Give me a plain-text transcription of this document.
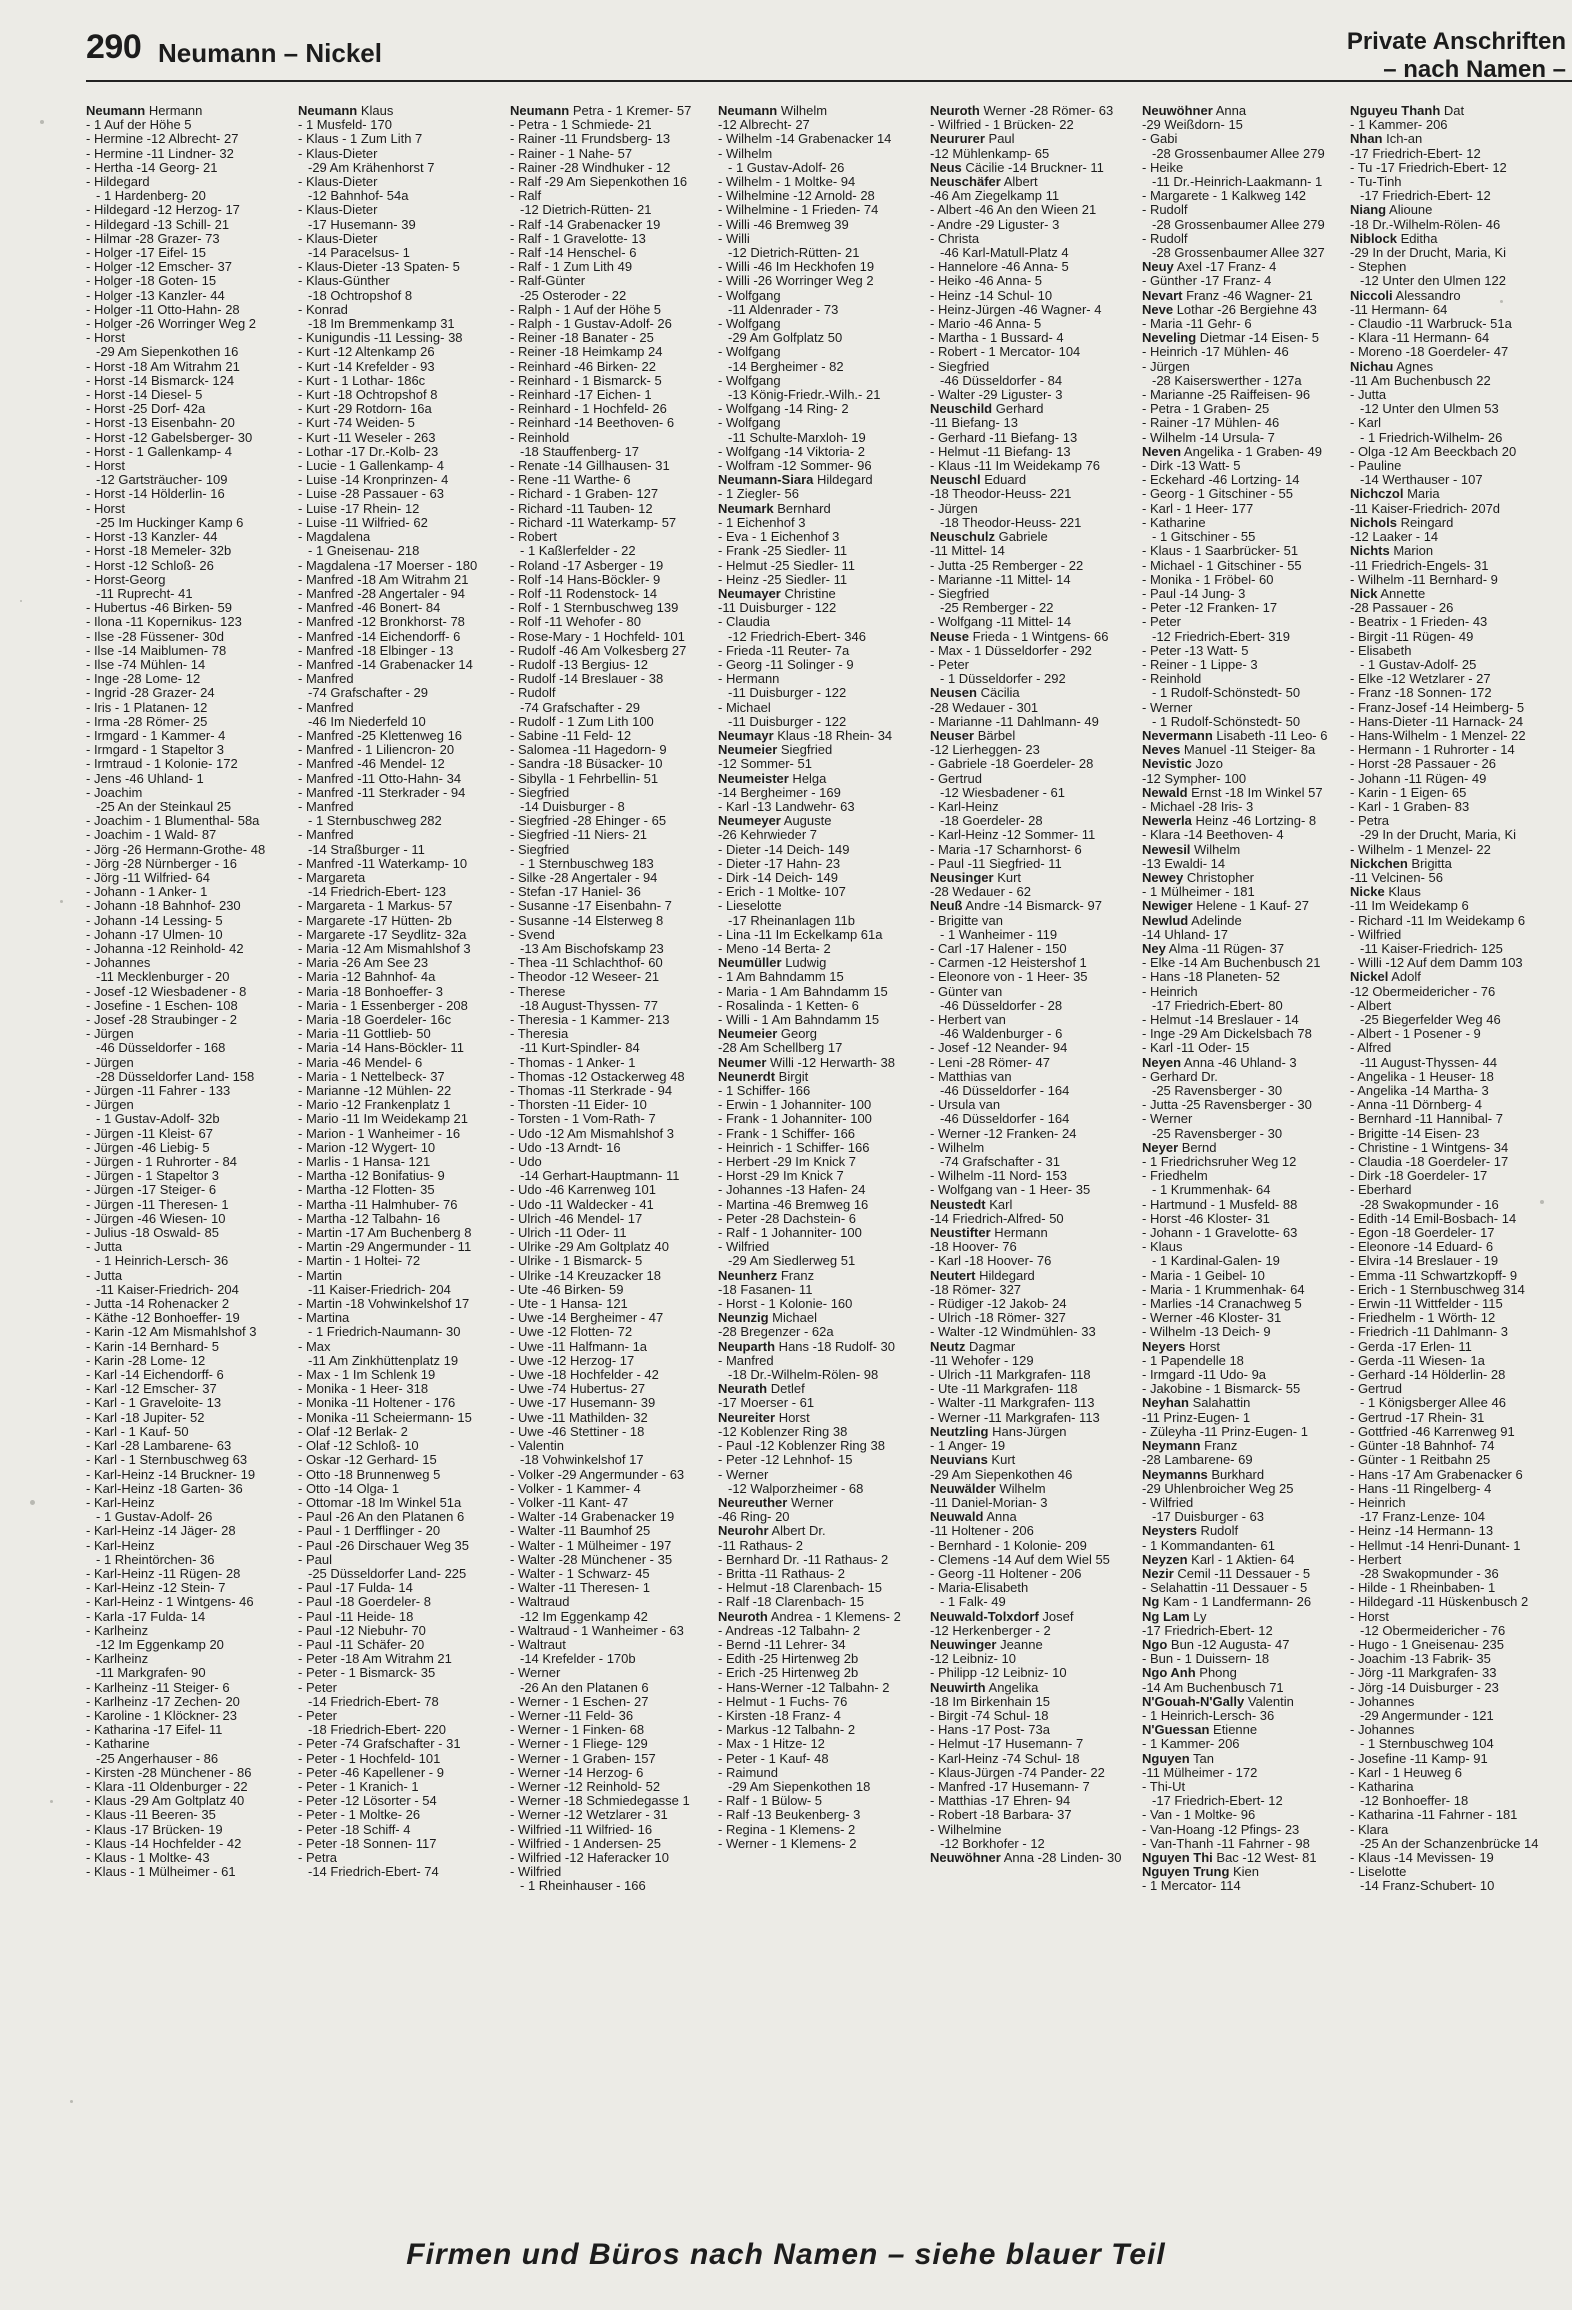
290 Neumann – Nickel	Private Anschriften
– nach Namen –
Neumann Hermann
- 1 Auf der Höhe 5
- Hermine -12 Albrecht- 27
- Hermine -11 Lindner- 32
- Hertha -14 Georg- 21
- Hildegard
- 1 Hardenberg- 20
- Hildegard -12 Herzog- 17
- Hildegard -13 Schill- 21
- Hilmar -28 Grazer- 73
- Holger -17 Eifel- 15
- Holger -12 Emscher- 37
- Holger -18 Goten- 15
- Holger -13 Kanzler- 44
- Holger -11 Otto-Hahn- 28
- Holger -26 Worringer Weg 2
- Horst
-29 Am Siepenkothen 16
- Horst -18 Am Witrahm 21
- Horst -14 Bismarck- 124
- Horst -14 Diesel- 5
- Horst -25 Dorf- 42a
- Horst -13 Eisenbahn- 20
- Horst -12 Gabelsberger- 30
- Horst - 1 Gallenkamp- 4
- Horst
-12 Gartsträucher- 109
- Horst -14 Hölderlin- 16
- Horst
-25 Im Huckinger Kamp 6
- Horst -13 Kanzler- 44
- Horst -18 Memeler- 32b
- Horst -12 Schloß- 26
- Horst-Georg
-11 Ruprecht- 41
- Hubertus -46 Birken- 59
- Ilona -11 Kopernikus- 123
- Ilse -28 Füssener- 30d
- Ilse -14 Maiblumen- 78
- Ilse -74 Mühlen- 14
- Inge -28 Lome- 12
- Ingrid -28 Grazer- 24
- Iris - 1 Platanen- 12
- Irma -28 Römer- 25
- Irmgard - 1 Kammer- 4
- Irmgard - 1 Stapeltor 3
- Irmtraud - 1 Kolonie- 172
- Jens -46 Uhland- 1
- Joachim
-25 An der Steinkaul 25
- Joachim - 1 Blumenthal- 58a
- Joachim - 1 Wald- 87
- Jörg -26 Hermann-Grothe- 48
- Jörg -28 Nürnberger - 16
- Jörg -11 Wilfried- 64
- Johann - 1 Anker- 1
- Johann -18 Bahnhof- 230
- Johann -14 Lessing- 5
- Johann -17 Ulmen- 10
- Johanna -12 Reinhold- 42
- Johannes
-11 Mecklenburger - 20
- Josef -12 Wiesbadener - 8
- Josefine - 1 Eschen- 108
- Josef -28 Straubinger - 2
- Jürgen
-46 Düsseldorfer - 168
- Jürgen
-28 Düsseldorfer Land- 158
- Jürgen -11 Fahrer - 133
- Jürgen
- 1 Gustav-Adolf- 32b
- Jürgen -11 Kleist- 67
- Jürgen -46 Liebig- 5
- Jürgen - 1 Ruhrorter - 84
- Jürgen - 1 Stapeltor 3
- Jürgen -17 Steiger- 6
- Jürgen -11 Theresen- 1
- Jürgen -46 Wiesen- 10
- Julius -18 Oswald- 85
- Jutta
- 1 Heinrich-Lersch- 36
- Jutta
-11 Kaiser-Friedrich- 204
- Jutta -14 Rohenacker 2
- Käthe -12 Bonhoeffer- 19
- Karin -12 Am Mismahlshof 3
- Karin -14 Bernhard- 5
- Karin -28 Lome- 12
- Karl -14 Eichendorff- 6
- Karl -12 Emscher- 37
- Karl - 1 Graveloite- 13
- Karl -18 Jupiter- 52
- Karl - 1 Kauf- 50
- Karl -28 Lambarene- 63
- Karl - 1 Sternbuschweg 63
- Karl-Heinz -14 Bruckner- 19
- Karl-Heinz -18 Garten- 36
- Karl-Heinz
- 1 Gustav-Adolf- 26
- Karl-Heinz -14 Jäger- 28
- Karl-Heinz
- 1 Rheintörchen- 36
- Karl-Heinz -11 Rügen- 28
- Karl-Heinz -12 Stein- 7
- Karl-Heinz - 1 Wintgens- 46
- Karla -17 Fulda- 14
- Karlheinz
-12 Im Eggenkamp 20
- Karlheinz
-11 Markgrafen- 90
- Karlheinz -11 Steiger- 6
- Karlheinz -17 Zechen- 20
- Karoline - 1 Klöckner- 23
- Katharina -17 Eifel- 11
- Katharine
-25 Angerhauser - 86
- Kirsten -28 Münchener - 86
- Klara -11 Oldenburger - 22
- Klaus -29 Am Goltplatz 40
- Klaus -11 Beeren- 35
- Klaus -17 Brücken- 19
- Klaus -14 Hochfelder - 42
- Klaus - 1 Moltke- 43
- Klaus - 1 Mülheimer - 61
Neumann Klaus
- 1 Musfeld- 170
- Klaus - 1 Zum Lith 7
- Klaus-Dieter
-29 Am Krähenhorst 7
- Klaus-Dieter
-12 Bahnhof- 54a
- Klaus-Dieter
-17 Husemann- 39
- Klaus-Dieter
-14 Paracelsus- 1
- Klaus-Dieter -13 Spaten- 5
- Klaus-Günther
-18 Ochtropshof 8
- Konrad
-18 Im Bremmenkamp 31
- Kunigundis -11 Lessing- 38
- Kurt -12 Altenkamp 26
- Kurt -14 Krefelder - 93
- Kurt - 1 Lothar- 186c
- Kurt -18 Ochtropshof 8
- Kurt -29 Rotdorn- 16a
- Kurt -74 Weiden- 5
- Kurt -11 Weseler - 263
- Lothar -17 Dr.-Kolb- 23
- Lucie - 1 Gallenkamp- 4
- Luise -14 Kronprinzen- 4
- Luise -28 Passauer - 63
- Luise -17 Rhein- 12
- Luise -11 Wilfried- 62
- Magdalena
- 1 Gneisenau- 218
- Magdalena -17 Moerser - 180
- Manfred -18 Am Witrahm 21
- Manfred -28 Angertaler - 94
- Manfred -46 Bonert- 84
- Manfred -12 Bronkhorst- 78
- Manfred -14 Eichendorff- 6
- Manfred -18 Elbinger - 13
- Manfred -14 Grabenacker 14
- Manfred
-74 Grafschafter - 29
- Manfred
-46 Im Niederfeld 10
- Manfred -25 Klettenweg 16
- Manfred - 1 Liliencron- 20
- Manfred -46 Mendel- 12
- Manfred -11 Otto-Hahn- 34
- Manfred -11 Sterkrader - 94
- Manfred
- 1 Sternbuschweg 282
- Manfred
-14 Straßburger - 11
- Manfred -11 Waterkamp- 10
- Margareta
-14 Friedrich-Ebert- 123
- Margareta - 1 Markus- 57
- Margarete -17 Hütten- 2b
- Margarete -17 Seydlitz- 32a
- Maria -12 Am Mismahlshof 3
- Maria -26 Am See 23
- Maria -12 Bahnhof- 4a
- Maria -18 Bonhoeffer- 3
- Maria - 1 Essenberger - 208
- Maria -18 Goerdeler- 16c
- Maria -11 Gottlieb- 50
- Maria -14 Hans-Böckler- 11
- Maria -46 Mendel- 6
- Maria - 1 Nettelbeck- 37
- Marianne -12 Mühlen- 22
- Mario -12 Frankenplatz 1
- Mario -11 Im Weidekamp 21
- Marion - 1 Wanheimer - 16
- Marion -12 Wygert- 10
- Marlis - 1 Hansa- 121
- Martha -12 Bonifatius- 9
- Martha -12 Flotten- 35
- Martha -11 Halmhuber- 76
- Martha -12 Talbahn- 16
- Martin -17 Am Buchenberg 8
- Martin -29 Angermunder - 11
- Martin - 1 Holtei- 72
- Martin
-11 Kaiser-Friedrich- 204
- Martin -18 Vohwinkelshof 17
- Martina
- 1 Friedrich-Naumann- 30
- Max
-11 Am Zinkhüttenplatz 19
- Max - 1 Im Schlenk 19
- Monika - 1 Heer- 318
- Monika -11 Holtener - 176
- Monika -11 Scheiermann- 15
- Olaf -12 Berlak- 2
- Olaf -12 Schloß- 10
- Oskar -12 Gerhard- 15
- Otto -18 Brunnenweg 5
- Otto -14 Olga- 1
- Ottomar -18 Im Winkel 51a
- Paul -26 An den Platanen 6
- Paul - 1 Derfflinger - 20
- Paul -26 Dirschauer Weg 35
- Paul
-25 Düsseldorfer Land- 225
- Paul -17 Fulda- 14
- Paul -18 Goerdeler- 8
- Paul -11 Heide- 18
- Paul -12 Niebuhr- 70
- Paul -11 Schäfer- 20
- Peter -18 Am Witrahm 21
- Peter - 1 Bismarck- 35
- Peter
-14 Friedrich-Ebert- 78
- Peter
-18 Friedrich-Ebert- 220
- Peter -74 Grafschafter - 31
- Peter - 1 Hochfeld- 101
- Peter -46 Kapellener - 9
- Peter - 1 Kranich- 1
- Peter -12 Lösorter - 54
- Peter - 1 Moltke- 26
- Peter -18 Schiff- 4
- Peter -18 Sonnen- 117
- Petra
-14 Friedrich-Ebert- 74
Neumann Petra - 1 Kremer- 57
- Petra - 1 Schmiede- 21
- Rainer -11 Frundsberg- 13
- Rainer - 1 Nahe- 57
- Rainer -28 Windhuker - 12
- Ralf -29 Am Siepenkothen 16
- Ralf
-12 Dietrich-Rütten- 21
- Ralf -14 Grabenacker 19
- Ralf - 1 Gravelotte- 13
- Ralf -14 Henschel- 6
- Ralf - 1 Zum Lith 49
- Ralf-Günter
-25 Osteroder - 22
- Ralph - 1 Auf der Höhe 5
- Ralph - 1 Gustav-Adolf- 26
- Reiner -18 Banater - 25
- Reiner -18 Heimkamp 24
- Reinhard -46 Birken- 22
- Reinhard - 1 Bismarck- 5
- Reinhard -17 Eichen- 1
- Reinhard - 1 Hochfeld- 26
- Reinhard -14 Beethoven- 6
- Reinhold
-18 Stauffenberg- 17
- Renate -14 Gillhausen- 31
- Rene -11 Warthe- 6
- Richard - 1 Graben- 127
- Richard -11 Tauben- 12
- Richard -11 Waterkamp- 57
- Robert
- 1 Kaßlerfelder - 22
- Roland -17 Asberger - 19
- Rolf -14 Hans-Böckler- 9
- Rolf -11 Rodenstock- 14
- Rolf - 1 Sternbuschweg 139
- Rolf -11 Wehofer - 80
- Rose-Mary - 1 Hochfeld- 101
- Rudolf -46 Am Volkesberg 27
- Rudolf -13 Bergius- 12
- Rudolf -14 Breslauer - 38
- Rudolf
-74 Grafschafter - 29
- Rudolf - 1 Zum Lith 100
- Sabine -11 Feld- 12
- Salomea -11 Hagedorn- 9
- Sandra -18 Büsacker- 10
- Sibylla - 1 Fehrbellin- 51
- Siegfried
-14 Duisburger - 8
- Siegfried -28 Ehinger - 65
- Siegfried -11 Niers- 21
- Siegfried
- 1 Sternbuschweg 183
- Silke -28 Angertaler - 94
- Stefan -17 Haniel- 36
- Susanne -17 Eisenbahn- 7
- Susanne -14 Elsterweg 8
- Svend
-13 Am Bischofskamp 23
- Thea -11 Schlachthof- 60
- Theodor -12 Weseer- 21
- Therese
-18 August-Thyssen- 77
- Theresia - 1 Kammer- 213
- Theresia
-11 Kurt-Spindler- 84
- Thomas - 1 Anker- 1
- Thomas -12 Ostackerweg 48
- Thomas -11 Sterkrade - 94
- Thorsten -11 Eider- 10
- Torsten - 1 Vom-Rath- 7
- Udo -12 Am Mismahlshof 3
- Udo -13 Arndt- 16
- Udo
-14 Gerhart-Hauptmann- 11
- Udo -46 Karrenweg 101
- Udo -11 Waldecker - 41
- Ulrich -46 Mendel- 17
- Ulrich -11 Oder- 11
- Ulrike -29 Am Goltplatz 40
- Ulrike - 1 Bismarck- 5
- Ulrike -14 Kreuzacker 18
- Ute -46 Birken- 59
- Ute - 1 Hansa- 121
- Uwe -14 Bergheimer - 47
- Uwe -12 Flotten- 72
- Uwe -11 Halfmann- 1a
- Uwe -12 Herzog- 17
- Uwe -18 Hochfelder - 42
- Uwe -74 Hubertus- 27
- Uwe -17 Husemann- 39
- Uwe -11 Mathilden- 32
- Uwe -46 Stettiner - 18
- Valentin
-18 Vohwinkelshof 17
- Volker -29 Angermunder - 63
- Volker - 1 Kammer- 4
- Volker -11 Kant- 47
- Walter -14 Grabenacker 19
- Walter -11 Baumhof 25
- Walter - 1 Mülheimer - 197
- Walter -28 Münchener - 35
- Walter - 1 Schwarz- 45
- Walter -11 Theresen- 1
- Waltraud
-12 Im Eggenkamp 42
- Waltraud - 1 Wanheimer - 63
- Waltraut
-14 Krefelder - 170b
- Werner
-26 An den Platanen 6
- Werner - 1 Eschen- 27
- Werner -11 Feld- 36
- Werner - 1 Finken- 68
- Werner - 1 Fliege- 129
- Werner - 1 Graben- 157
- Werner -14 Herzog- 6
- Werner -12 Reinhold- 52
- Werner -18 Schmiedegasse 1
- Werner -12 Wetzlarer - 31
- Wilfried -11 Wilfried- 16
- Wilfried - 1 Andersen- 25
- Wilfried -12 Haferacker 10
- Wilfried
- 1 Rheinhauser - 166
Neumann Wilhelm
-12 Albrecht- 27
- Wilhelm -14 Grabenacker 14
- Wilhelm
- 1 Gustav-Adolf- 26
- Wilhelm - 1 Moltke- 94
- Wilhelmine -12 Arnold- 28
- Wilhelmine - 1 Frieden- 74
- Willi -46 Bremweg 39
- Willi
-12 Dietrich-Rütten- 21
- Willi -46 Im Heckhofen 19
- Willi -26 Worringer Weg 2
- Wolfgang
-11 Aldenrader - 73
- Wolfgang
-29 Am Golfplatz 50
- Wolfgang
-14 Bergheimer - 82
- Wolfgang
-13 König-Friedr.-Wilh.- 21
- Wolfgang -14 Ring- 2
- Wolfgang
-11 Schulte-Marxloh- 19
- Wolfgang -14 Viktoria- 2
- Wolfram -12 Sommer- 96
Neumann-Siara Hildegard
- 1 Ziegler- 56
Neumark Bernhard
- 1 Eichenhof 3
- Eva - 1 Eichenhof 3
- Frank -25 Siedler- 11
- Helmut -25 Siedler- 11
- Heinz -25 Siedler- 11
Neumayer Christine
-11 Duisburger - 122
- Claudia
-12 Friedrich-Ebert- 346
- Frieda -11 Reuter- 7a
- Georg -11 Solinger - 9
- Hermann
-11 Duisburger - 122
- Michael
-11 Duisburger - 122
Neumayr Klaus -18 Rhein- 34
Neumeier Siegfried
-12 Sommer- 51
Neumeister Helga
-14 Bergheimer - 169
- Karl -13 Landwehr- 63
Neumeyer Auguste
-26 Kehrwieder 7
- Dieter -14 Deich- 149
- Dieter -17 Hahn- 23
- Dirk -14 Deich- 149
- Erich - 1 Moltke- 107
- Lieselotte
-17 Rheinanlagen 11b
- Lina -11 Im Eckelkamp 61a
- Meno -14 Berta- 2
Neumüller Ludwig
- 1 Am Bahndamm 15
- Maria - 1 Am Bahndamm 15
- Rosalinda - 1 Ketten- 6
- Willi - 1 Am Bahndamm 15
Neumeier Georg
-28 Am Schellberg 17
Neumer Willi -12 Herwarth- 38
Neunerdt Birgit
- 1 Schiffer- 166
- Erwin - 1 Johanniter- 100
- Frank - 1 Johanniter- 100
- Frank - 1 Schiffer- 166
- Heinrich - 1 Schiffer- 166
- Herbert -29 Im Knick 7
- Horst -29 Im Knick 7
- Johannes -13 Hafen- 24
- Martina -46 Bremweg 16
- Peter -28 Dachstein- 6
- Ralf - 1 Johanniter- 100
- Wilfried
-29 Am Siedlerweg 51
Neunherz Franz
-18 Fasanen- 11
- Horst - 1 Kolonie- 160
Neunzig Michael
-28 Bregenzer - 62a
Neuparth Hans -18 Rudolf- 30
- Manfred
-18 Dr.-Wilhelm-Rölen- 98
Neurath Detlef
-17 Moerser - 61
Neureiter Horst
-12 Koblenzer Ring 38
- Paul -12 Koblenzer Ring 38
- Peter -12 Lehnhof- 15
- Werner
-12 Walporzheimer - 68
Neureuther Werner
-46 Ring- 20
Neurohr Albert Dr.
-11 Rathaus- 2
- Bernhard Dr. -11 Rathaus- 2
- Britta -11 Rathaus- 2
- Helmut -18 Clarenbach- 15
- Ralf -18 Clarenbach- 15
Neuroth Andrea - 1 Klemens- 2
- Andreas -12 Talbahn- 2
- Bernd -11 Lehrer- 34
- Edith -25 Hirtenweg 2b
- Erich -25 Hirtenweg 2b
- Hans-Werner -12 Talbahn- 2
- Helmut - 1 Fuchs- 76
- Kirsten -18 Franz- 4
- Markus -12 Talbahn- 2
- Max - 1 Hitze- 12
- Peter - 1 Kauf- 48
- Raimund
-29 Am Siepenkothen 18
- Ralf - 1 Bülow- 5
- Ralf -13 Beukenberg- 3
- Regina - 1 Klemens- 2
- Werner - 1 Klemens- 2
Neuroth Werner -28 Römer- 63
- Wilfried - 1 Brücken- 22
Neururer Paul
-12 Mühlenkamp- 65
Neus Cäcilie -14 Bruckner- 11
Neuschäfer Albert
-46 Am Ziegelkamp 11
- Albert -46 An den Wieen 21
- Andre -29 Liguster- 3
- Christa
-46 Karl-Matull-Platz 4
- Hannelore -46 Anna- 5
- Heiko -46 Anna- 5
- Heinz -14 Schul- 10
- Heinz-Jürgen -46 Wagner- 4
- Mario -46 Anna- 5
- Martha - 1 Bussard- 4
- Robert - 1 Mercator- 104
- Siegfried
-46 Düsseldorfer - 84
- Walter -29 Liguster- 3
Neuschild Gerhard
-11 Biefang- 13
- Gerhard -11 Biefang- 13
- Helmut -11 Biefang- 13
- Klaus -11 Im Weidekamp 76
Neuschl Eduard
-18 Theodor-Heuss- 221
- Jürgen
-18 Theodor-Heuss- 221
Neuschulz Gabriele
-11 Mittel- 14
- Jutta -25 Remberger - 22
- Marianne -11 Mittel- 14
- Siegfried
-25 Remberger - 22
- Wolfgang -11 Mittel- 14
Neuse Frieda - 1 Wintgens- 66
- Max - 1 Düsseldorfer - 292
- Peter
- 1 Düsseldorfer - 292
Neusen Cäcilia
-28 Wedauer - 301
- Marianne -11 Dahlmann- 49
Neuser Bärbel
-12 Lierheggen- 23
- Gabriele -18 Goerdeler- 28
- Gertrud
-12 Wiesbadener - 61
- Karl-Heinz
-18 Goerdeler- 28
- Karl-Heinz -12 Sommer- 11
- Maria -17 Scharnhorst- 6
- Paul -11 Siegfried- 11
Neusinger Kurt
-28 Wedauer - 62
Neuß Andre -14 Bismarck- 97
- Brigitte van
- 1 Wanheimer - 119
- Carl -17 Halener - 150
- Carmen -12 Heistershof 1
- Eleonore von - 1 Heer- 35
- Günter van
-46 Düsseldorfer - 28
- Herbert van
-46 Waldenburger - 6
- Josef -12 Neander- 94
- Leni -28 Römer- 47
- Matthias van
-46 Düsseldorfer - 164
- Ursula van
-46 Düsseldorfer - 164
- Werner -12 Franken- 24
- Wilhelm
-74 Grafschafter - 31
- Wilhelm -11 Nord- 153
- Wolfgang van - 1 Heer- 35
Neustedt Karl
-14 Friedrich-Alfred- 50
Neustifter Hermann
-18 Hoover- 76
- Karl -18 Hoover- 76
Neutert Hildegard
-18 Römer- 327
- Rüdiger -12 Jakob- 24
- Ulrich -18 Römer- 327
- Walter -12 Windmühlen- 33
Neutz Dagmar
-11 Wehofer - 129
- Ulrich -11 Markgrafen- 118
- Ute -11 Markgrafen- 118
- Walter -11 Markgrafen- 113
- Werner -11 Markgrafen- 113
Neutzling Hans-Jürgen
- 1 Anger- 19
Neuvians Kurt
-29 Am Siepenkothen 46
Neuwälder Wilhelm
-11 Daniel-Morian- 3
Neuwald Anna
-11 Holtener - 206
- Bernhard - 1 Kolonie- 209
- Clemens -14 Auf dem Wiel 55
- Georg -11 Holtener - 206
- Maria-Elisabeth
- 1 Falk- 49
Neuwald-Tolxdorf Josef
-12 Herkenberger - 2
Neuwinger Jeanne
-12 Leibniz- 10
- Philipp -12 Leibniz- 10
Neuwirth Angelika
-18 Im Birkenhain 15
- Birgit -74 Schul- 18
- Hans -17 Post- 73a
- Helmut -17 Husemann- 7
- Karl-Heinz -74 Schul- 18
- Klaus-Jürgen -74 Pander- 22
- Manfred -17 Husemann- 7
- Matthias -17 Ehren- 94
- Robert -18 Barbara- 37
- Wilhelmine
-12 Borkhofer - 12
Neuwöhner Anna -28 Linden- 30
Neuwöhner Anna
-29 Weißdorn- 15
- Gabi
-28 Grossenbaumer Allee 279
- Heike
-11 Dr.-Heinrich-Laakmann- 1
- Margarete - 1 Kalkweg 142
- Rudolf
-28 Grossenbaumer Allee 279
- Rudolf
-28 Grossenbaumer Allee 327
Neuy Axel -17 Franz- 4
- Günther -17 Franz- 4
Nevart Franz -46 Wagner- 21
Neve Lothar -26 Bergiehne 43
- Maria -11 Gehr- 6
Neveling Dietmar -14 Eisen- 5
- Heinrich -17 Mühlen- 46
- Jürgen
-28 Kaiserswerther - 127a
- Marianne -25 Raiffeisen- 96
- Petra - 1 Graben- 25
- Rainer -17 Mühlen- 46
- Wilhelm -14 Ursula- 7
Neven Angelika - 1 Graben- 49
- Dirk -13 Watt- 5
- Eckehard -46 Lortzing- 14
- Georg - 1 Gitschiner - 55
- Karl - 1 Heer- 177
- Katharine
- 1 Gitschiner - 55
- Klaus - 1 Saarbrücker- 51
- Michael - 1 Gitschiner - 55
- Monika - 1 Fröbel- 60
- Paul -14 Jung- 3
- Peter -12 Franken- 17
- Peter
-12 Friedrich-Ebert- 319
- Peter -13 Watt- 5
- Reiner - 1 Lippe- 3
- Reinhold
- 1 Rudolf-Schönstedt- 50
- Werner
- 1 Rudolf-Schönstedt- 50
Nevermann Lisabeth -11 Leo- 6
Neves Manuel -11 Steiger- 8a
Nevistic Jozo
-12 Sympher- 100
Newald Ernst -18 Im Winkel 57
- Michael -28 Iris- 3
Newerla Heinz -46 Lortzing- 8
- Klara -14 Beethoven- 4
Newesil Wilhelm
-13 Ewaldi- 14
Newey Christopher
- 1 Mülheimer - 181
Newiger Helene - 1 Kauf- 27
Newlud Adelinde
-14 Uhland- 17
Ney Alma -11 Rügen- 37
- Elke -14 Am Buchenbusch 21
- Hans -18 Planeten- 52
- Heinrich
-17 Friedrich-Ebert- 80
- Helmut -14 Breslauer - 14
- Inge -29 Am Dickelsbach 78
- Karl -11 Oder- 15
Neyen Anna -46 Uhland- 3
- Gerhard Dr.
-25 Ravensberger - 30
- Jutta -25 Ravensberger - 30
- Werner
-25 Ravensberger - 30
Neyer Bernd
- 1 Friedrichsruher Weg 12
- Friedhelm
- 1 Krummenhak- 64
- Hartmund - 1 Musfeld- 88
- Horst -46 Kloster- 31
- Johann - 1 Gravelotte- 63
- Klaus
- 1 Kardinal-Galen- 19
- Maria - 1 Geibel- 10
- Maria - 1 Krummenhak- 64
- Marlies -14 Cranachweg 5
- Werner -46 Kloster- 31
- Wilhelm -13 Deich- 9
Neyers Horst
- 1 Papendelle 18
- Irmgard -11 Udo- 9a
- Jakobine - 1 Bismarck- 55
Neyhan Salahattin
-11 Prinz-Eugen- 1
- Züleyha -11 Prinz-Eugen- 1
Neymann Franz
-28 Lambarene- 69
Neymanns Burkhard
-29 Uhlenbroicher Weg 25
- Wilfried
-17 Duisburger - 63
Neysters Rudolf
- 1 Kommandanten- 61
Neyzen Karl - 1 Aktien- 64
Nezir Cemil -11 Dessauer - 5
- Selahattin -11 Dessauer - 5
Ng Kam - 1 Landfermann- 26
Ng Lam Ly
-17 Friedrich-Ebert- 12
Ngo Bun -12 Augusta- 47
- Bun - 1 Duissern- 18
Ngo Anh Phong
-14 Am Buchenbusch 71
N'Gouah-N'Gally Valentin
- 1 Heinrich-Lersch- 36
N'Guessan Etienne
- 1 Kammer- 206
Nguyen Tan
-11 Mülheimer - 172
- Thi-Ut
-17 Friedrich-Ebert- 12
- Van - 1 Moltke- 96
- Van-Hoang -12 Pfings- 23
- Van-Thanh -11 Fahrner - 98
Nguyen Thi Bac -12 West- 81
Nguyen Trung Kien
- 1 Mercator- 114
Nguyeu Thanh Dat
- 1 Kammer- 206
Nhan Ich-an
-17 Friedrich-Ebert- 12
- Tu -17 Friedrich-Ebert- 12
- Tu-Tinh
-17 Friedrich-Ebert- 12
Niang Alioune
-18 Dr.-Wilhelm-Rölen- 46
Niblock Editha
-29 In der Drucht, Maria, Ki
- Stephen
-12 Unter den Ulmen 122
Niccoli Alessandro
-11 Hermann- 64
- Claudio -11 Warbruck- 51a
- Klara -11 Hermann- 64
- Moreno -18 Goerdeler- 47
Nichau Agnes
-11 Am Buchenbusch 22
- Jutta
-12 Unter den Ulmen 53
- Karl
- 1 Friedrich-Wilhelm- 26
- Olga -12 Am Beeckbach 20
- Pauline
-14 Werthauser - 107
Nichczol Maria
-11 Kaiser-Friedrich- 207d
Nichols Reingard
-12 Laaker - 14
Nichts Marion
-11 Friedrich-Engels- 31
- Wilhelm -11 Bernhard- 9
Nick Annette
-28 Passauer - 26
- Beatrix - 1 Frieden- 43
- Birgit -11 Rügen- 49
- Elisabeth
- 1 Gustav-Adolf- 25
- Elke -12 Wetzlarer - 27
- Franz -18 Sonnen- 172
- Franz-Josef -14 Heimberg- 5
- Hans-Dieter -11 Harnack- 24
- Hans-Wilhelm - 1 Menzel- 22
- Hermann - 1 Ruhrorter - 14
- Horst -28 Passauer - 26
- Johann -11 Rügen- 49
- Karin - 1 Eigen- 65
- Karl - 1 Graben- 83
- Petra
-29 In der Drucht, Maria, Ki
- Wilhelm - 1 Menzel- 22
Nickchen Brigitta
-11 Velcinen- 56
Nicke Klaus
-11 Im Weidekamp 6
- Richard -11 Im Weidekamp 6
- Wilfried
-11 Kaiser-Friedrich- 125
- Willi -12 Auf dem Damm 103
Nickel Adolf
-12 Obermeidericher - 76
- Albert
-25 Biegerfelder Weg 46
- Albert - 1 Posener - 9
- Alfred
-11 August-Thyssen- 44
- Angelika - 1 Heuser- 18
- Angelika -14 Martha- 3
- Anna -11 Dörnberg- 4
- Bernhard -11 Hannibal- 7
- Brigitte -14 Eisen- 23
- Christine - 1 Wintgens- 34
- Claudia -18 Goerdeler- 17
- Dirk -18 Goerdeler- 17
- Eberhard
-28 Swakopmunder - 16
- Edith -14 Emil-Bosbach- 14
- Egon -18 Goerdeler- 17
- Eleonore -14 Eduard- 6
- Elvira -14 Breslauer - 19
- Emma -11 Schwartzkopff- 9
- Erich - 1 Sternbuschweg 314
- Erwin -11 Wittfelder - 115
- Friedhelm - 1 Wörth- 12
- Friedrich -11 Dahlmann- 3
- Gerda -17 Erlen- 11
- Gerda -11 Wiesen- 1a
- Gerhard -14 Hölderlin- 28
- Gertrud
- 1 Königsberger Allee 46
- Gertrud -17 Rhein- 31
- Gottfried -46 Karrenweg 91
- Günter -18 Bahnhof- 74
- Günter - 1 Reitbahn 25
- Hans -17 Am Grabenacker 6
- Hans -11 Ringelberg- 4
- Heinrich
-17 Franz-Lenze- 104
- Heinz -14 Hermann- 13
- Hellmut -14 Henri-Dunant- 1
- Herbert
-28 Swakopmunder - 36
- Hilde - 1 Rheinbaben- 1
- Hildegard -11 Hüskenbusch 2
- Horst
-12 Obermeidericher - 76
- Hugo - 1 Gneisenau- 235
- Joachim -13 Fabrik- 35
- Jörg -11 Markgrafen- 33
- Jörg -14 Duisburger - 23
- Johannes
-29 Angermunder - 121
- Johannes
- 1 Sternbuschweg 104
- Josefine -11 Kamp- 91
- Karl - 1 Heuweg 6
- Katharina
-12 Bonhoeffer- 18
- Katharina -11 Fahrner - 181
- Klara
-25 An der Schanzenbrücke 14
- Klaus -14 Mevissen- 19
- Liselotte
-14 Franz-Schubert- 10
Firmen und Büros nach Namen – siehe blauer Teil
